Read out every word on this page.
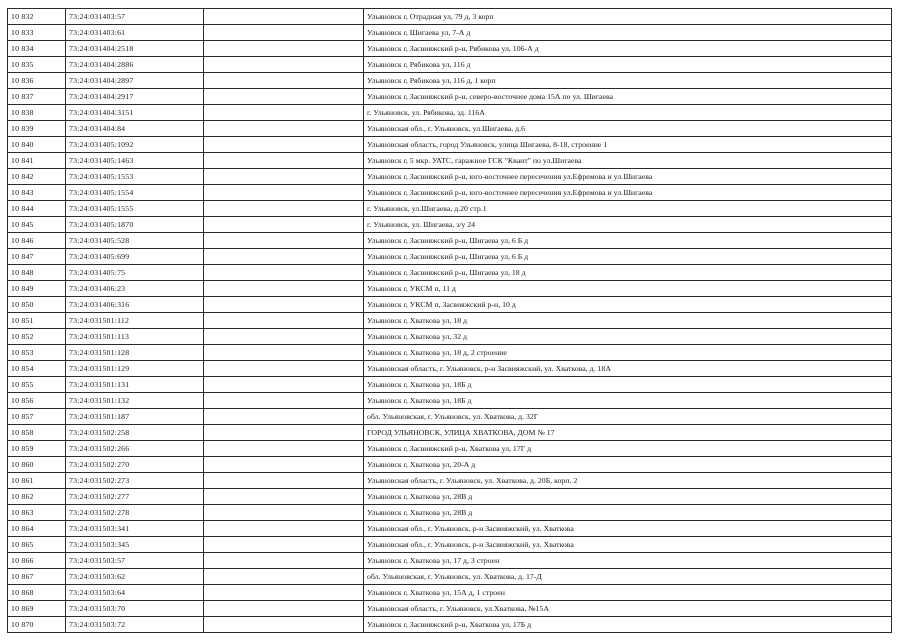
10 832	73:24:031403:57		Ульяновск г, Отрадная ул, 79 д, 3 корп
10 833	73:24:031403:61		Ульяновск г, Шигаева ул, 7-А д
10 834	73:24:031404:2518		Ульяновск г, Засвияжский р-н, Рябикова ул, 106-А д
10 835	73:24:031404:2886		Ульяновск г, Рябикова ул, 116 д
10 836	73:24:031404:2897		Ульяновск г, Рябикова ул, 116 д, 1 корп
10 837	73:24:031404:2917		Ульяновск г, Засвияжский р-н, северо-восточнее дома 15А по ул. Шигаева
10 838	73:24:031404:3151		г. Ульяновск, ул. Рябикова, зд. 116А
10 839	73:24:031404:84		Ульяновская обл., г. Ульяновск, ул.Шигаева, д.6
10 840	73:24:031405:1092		Ульяновская область, город Ульяновск, улица Шигаева, 8-18, строение 1
10 841	73:24:031405:1463		Ульяновск г, 5 мкр. УАТС, гаражное ГСК "Квант" по ул.Шигаева
10 842	73:24:031405:1553		Ульяновск г, Засвияжский р-н, юго-восточнее пересечения ул.Ефремова и ул.Шигаева
10 843	73:24:031405:1554		Ульяновск г, Засвияжский р-н, юго-восточнее пересечения ул.Ефремова и ул.Шигаева
10 844	73:24:031405:1555		г. Ульяновск, ул.Шигаева, д.20 стр.1
10 845	73:24:031405:1870		г. Ульяновск, ул. Шигаева, з/у 24
10 846	73:24:031405:528		Ульяновск г, Засвияжский р-н, Шигаева ул, 6 Б д
10 847	73:24:031405:699		Ульяновск г, Засвияжский р-н, Шигаева ул, 6 Б д
10 848	73:24:031405:75		Ульяновск г, Засвияжский р-н, Шигаева ул, 18 д
10 849	73:24:031406:23		Ульяновск г, УКСМ п, 11 д
10 850	73:24:031406:316		Ульяновск г, УКСМ п, Засвияжский р-н, 10 д
10 851	73:24:031501:112		Ульяновск г, Хваткова ул, 18 д
10 852	73:24:031501:113		Ульяновск г, Хваткова ул, 32 д
10 853	73:24:031501:128		Ульяновск г, Хваткова ул, 18 д, 2 строение
10 854	73:24:031501:129		Ульяновская область, г. Ульяновск, р-н Засвияжский, ул. Хваткова, д. 18А
10 855	73:24:031501:131		Ульяновск г, Хваткова ул, 18Б д
10 856	73:24:031501:132		Ульяновск г, Хваткова ул, 18Б д
10 857	73:24:031501:187		обл. Ульяновская, г. Ульяновск, ул. Хваткова, д. 32Г
10 858	73:24:031502:258		ГОРОД УЛЬЯНОВСК, УЛИЦА ХВАТКОВА, ДОМ № 17
10 859	73:24:031502:266		Ульяновск г, Засвияжский р-н, Хваткова ул, 17Г д
10 860	73:24:031502:270		Ульяновск г, Хваткова ул, 20-А д
10 861	73:24:031502:273		Ульяновская область, г. Ульяновск, ул. Хваткова, д. 20Б, корп. 2
10 862	73:24:031502:277		Ульяновск г, Хваткова ул, 28В д
10 863	73:24:031502:278		Ульяновск г, Хваткова ул, 28В д
10 864	73:24:031503:341		Ульяновская обл., г. Ульяновск, р-н Засвияжский, ул. Хваткова
10 865	73:24:031503:345		Ульяновская обл., г. Ульяновск, р-н Засвияжский, ул. Хваткова
10 866	73:24:031503:57		Ульяновск г, Хваткова ул, 17 д, 3 строен
10 867	73:24:031503:62		обл. Ульяновская, г. Ульяновск, ул. Хваткова, д. 17-Д
10 868	73:24:031503:64		Ульяновск г, Хваткова ул, 15А д, 1 строен
10 869	73:24:031503:70		Ульяновская область, г. Ульяновск, ул.Хваткова, №15А
10 870	73:24:031503:72		Ульяновск г, Засвияжский р-н, Хваткова ул, 17Б д
